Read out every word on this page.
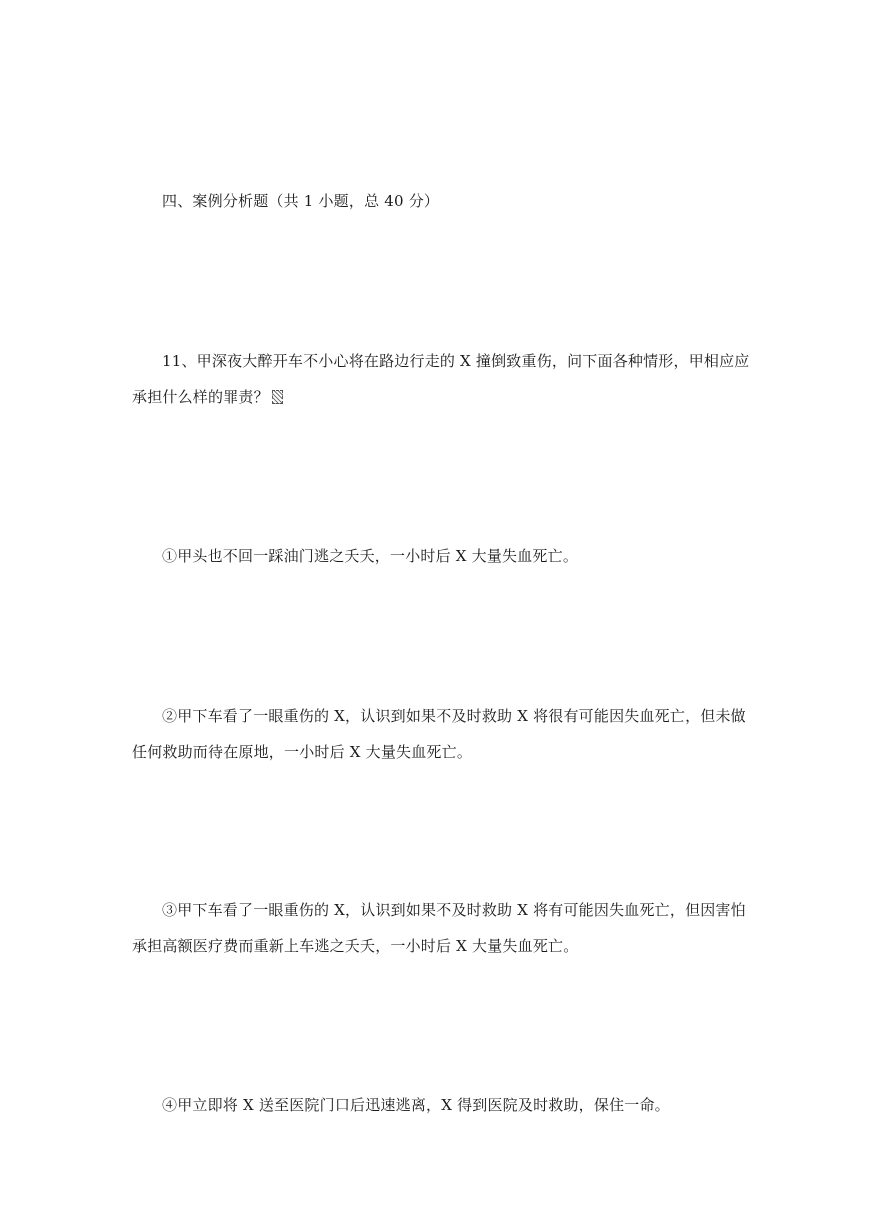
四、案例分析题（共 1 小题，总 40 分）
11、甲深夜大醉开车不小心将在路边行走的 X 撞倒致重伤，问下面各种情形，甲相应应
承担什么样的罪责？
①甲头也不回一踩油门逃之夭夭，一小时后 X 大量失血死亡。
②甲下车看了一眼重伤的 X，认识到如果不及时救助 X 将很有可能因失血死亡，但未做
任何救助而待在原地，一小时后 X 大量失血死亡。
③甲下车看了一眼重伤的 X，认识到如果不及时救助 X 将有可能因失血死亡，但因害怕
承担高额医疗费而重新上车逃之夭夭，一小时后 X 大量失血死亡。
④甲立即将 X 送至医院门口后迅速逃离，X 得到医院及时救助，保住一命。
